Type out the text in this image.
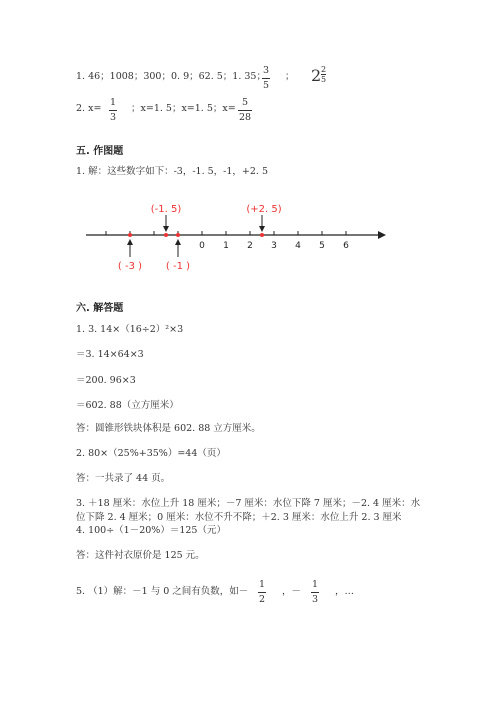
1. 46；1008；300；0. 9；62. 5；1. 35；
$\frac{3}{5}$ ； $2 \frac{2}{5}$
2. $x= \frac{1}{3}$ ；x=1. 5；x=1. 5；$x= \frac{5}{28}$
五. 作图题
1. 解：这些数字如下：-3，-1. 5，-1，+2. 5
0 1 2 3 4 5 6
(-1. 5)	(+2. 5)
( -3 ) ( -1 )
六. 解答题
1. 3. 14×（16÷2）²×3
＝3. 14×64×3
＝200. 96×3
＝602. 88（立方厘米）
答：圆锥形铁块体积是 602. 88 立方厘米。
2. 80×（25%+35%）=44（页）
答：一共录了 44 页。
3. ＋18 厘米：水位上升 18 厘米；－7 厘米：水位下降 7 厘米；－2. 4 厘米：水
位下降 2. 4 厘米；0 厘米：水位不升不降；＋2. 3 厘米：水位上升 2. 3 厘米
4. 100÷（1－20%）＝125（元）
答：这件衬衣原价是 125 元。
5. （1）解：－1 与 0 之间有负数，如－ $\frac{1}{2}$ ，－ $\frac{1}{3}$ ，…
